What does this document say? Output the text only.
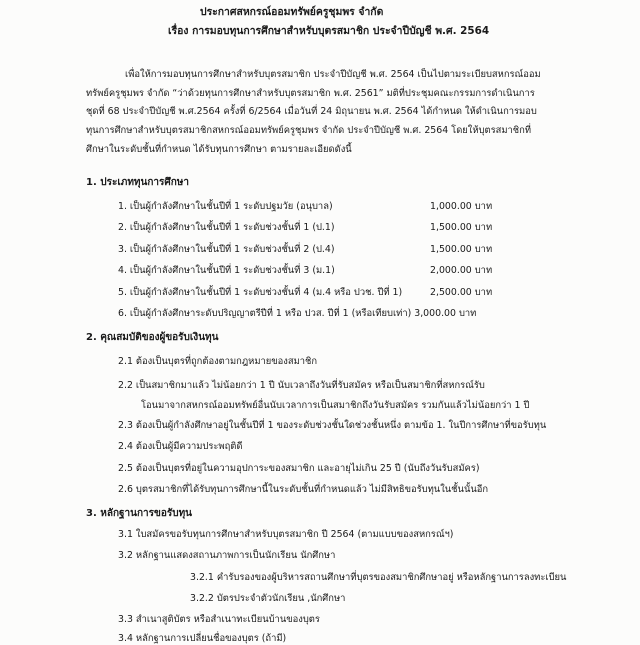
ประกาศสหกรณ์ออมทรัพย์ครูชุมพร จำกัด
เรื่อง การมอบทุนการศึกษาสำหรับบุตรสมาชิก ประจำปีบัญชี พ.ศ. 2564
เพื่อให้การมอบทุนการศึกษาสำหรับบุตรสมาชิก ประจำปีบัญชี พ.ศ. 2564 เป็นไปตามระเบียบสหกรณ์ออม
ทรัพย์ครูชุมพร จำกัด “ว่าด้วยทุนการศึกษาสำหรับบุตรสมาชิก พ.ศ. 2561” มติที่ประชุมคณะกรรมการดำเนินการ
ชุดที่ 68 ประจำปีบัญชี พ.ศ.2564 ครั้งที่ 6/2564 เมื่อวันที่ 24 มิถุนายน พ.ศ. 2564 ได้กำหนด ให้ดำเนินการมอบ
ทุนการศึกษาสำหรับบุตรสมาชิกสหกรณ์ออมทรัพย์ครูชุมพร จำกัด ประจำปีบัญชี พ.ศ. 2564 โดยให้บุตรสมาชิกที่
ศึกษาในระดับชั้นที่กำหนด ได้รับทุนการศึกษา ตามรายละเอียดดังนี้
1. ประเภททุนการศึกษา
1. เป็นผู้กำลังศึกษาในชั้นปีที่ 1 ระดับปฐมวัย (อนุบาล)	1,000.00 บาท
2. เป็นผู้กำลังศึกษาในชั้นปีที่ 1 ระดับช่วงชั้นที่ 1 (ป.1)	1,500.00 บาท
3. เป็นผู้กำลังศึกษาในชั้นปีที่ 1 ระดับช่วงชั้นที่ 2 (ป.4)	1,500.00 บาท
4. เป็นผู้กำลังศึกษาในชั้นปีที่ 1 ระดับช่วงชั้นที่ 3 (ม.1)	2,000.00 บาท
5. เป็นผู้กำลังศึกษาในชั้นปีที่ 1 ระดับช่วงชั้นที่ 4 (ม.4 หรือ ปวช. ปีที่ 1)	2,500.00 บาท
6. เป็นผู้กำลังศึกษาระดับปริญญาตรีปีที่ 1 หรือ ปวส. ปีที่ 1 (หรือเทียบเท่า) 3,000.00 บาท
2. คุณสมบัติของผู้ขอรับเงินทุน
2.1 ต้องเป็นบุตรที่ถูกต้องตามกฎหมายของสมาชิก
2.2 เป็นสมาชิกมาแล้ว ไม่น้อยกว่า 1 ปี นับเวลาถึงวันที่รับสมัคร หรือเป็นสมาชิกที่สหกรณ์รับ
โอนมาจากสหกรณ์ออมทรัพย์อื่นนับเวลาการเป็นสมาชิกถึงวันรับสมัคร รวมกันแล้วไม่น้อยกว่า 1 ปี
2.3 ต้องเป็นผู้กำลังศึกษาอยู่ในชั้นปีที่ 1 ของระดับช่วงชั้นใดช่วงชั้นหนึ่ง ตามข้อ 1. ในปีการศึกษาที่ขอรับทุน
2.4 ต้องเป็นผู้มีความประพฤติดี
2.5 ต้องเป็นบุตรที่อยู่ในความอุปการะของสมาชิก และอายุไม่เกิน 25 ปี (นับถึงวันรับสมัคร)
2.6 บุตรสมาชิกที่ได้รับทุนการศึกษานี้ในระดับชั้นที่กำหนดแล้ว ไม่มีสิทธิขอรับทุนในชั้นนั้นอีก
3. หลักฐานการขอรับทุน
3.1 ใบสมัครขอรับทุนการศึกษาสำหรับบุตรสมาชิก ปี 2564 (ตามแบบของสหกรณ์ฯ)
3.2 หลักฐานแสดงสถานภาพการเป็นนักเรียน นักศึกษา
3.2.1 คำรับรองของผู้บริหารสถานศึกษาที่บุตรของสมาชิกศึกษาอยู่ หรือหลักฐานการลงทะเบียน
3.2.2 บัตรประจำตัวนักเรียน ,นักศึกษา
3.3 สำเนาสูติบัตร หรือสำเนาทะเบียนบ้านของบุตร
3.4 หลักฐานการเปลี่ยนชื่อของบุตร (ถ้ามี)
